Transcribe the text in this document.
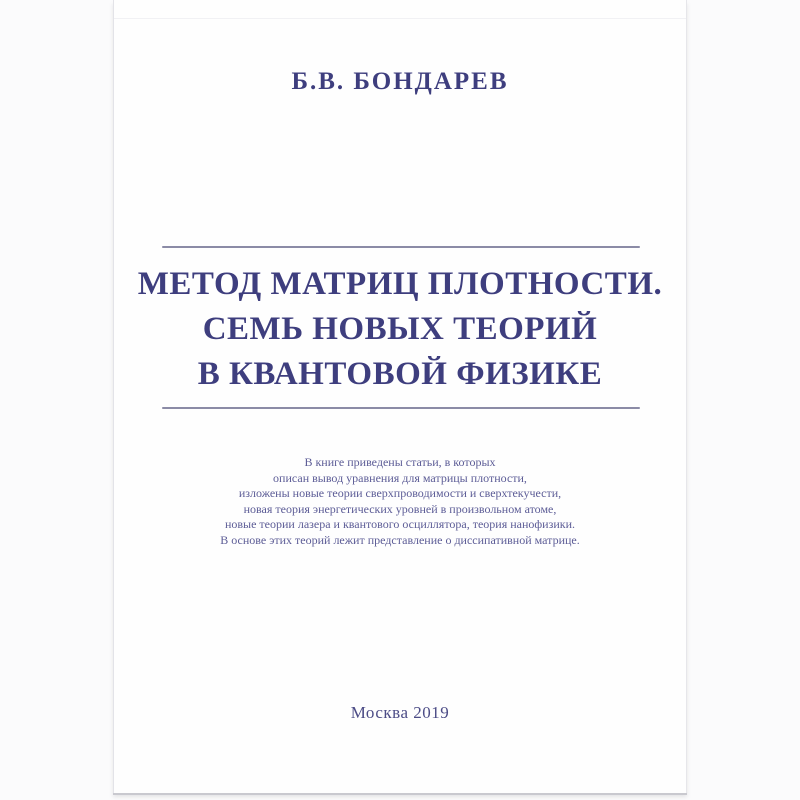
Б.В. БОНДАРЕВ
МЕТОД МАТРИЦ ПЛОТНОСТИ.
СЕМЬ НОВЫХ ТЕОРИЙ
В КВАНТОВОЙ ФИЗИКЕ
В книге приведены статьи, в которых
описан вывод уравнения для матрицы плотности,
изложены новые теории сверхпроводимости и сверхтекучести,
новая теория энергетических уровней в произвольном атоме,
новые теории лазера и квантового осциллятора, теория нанофизики.
В основе этих теорий лежит представление о диссипативной матрице.
Москва 2019
